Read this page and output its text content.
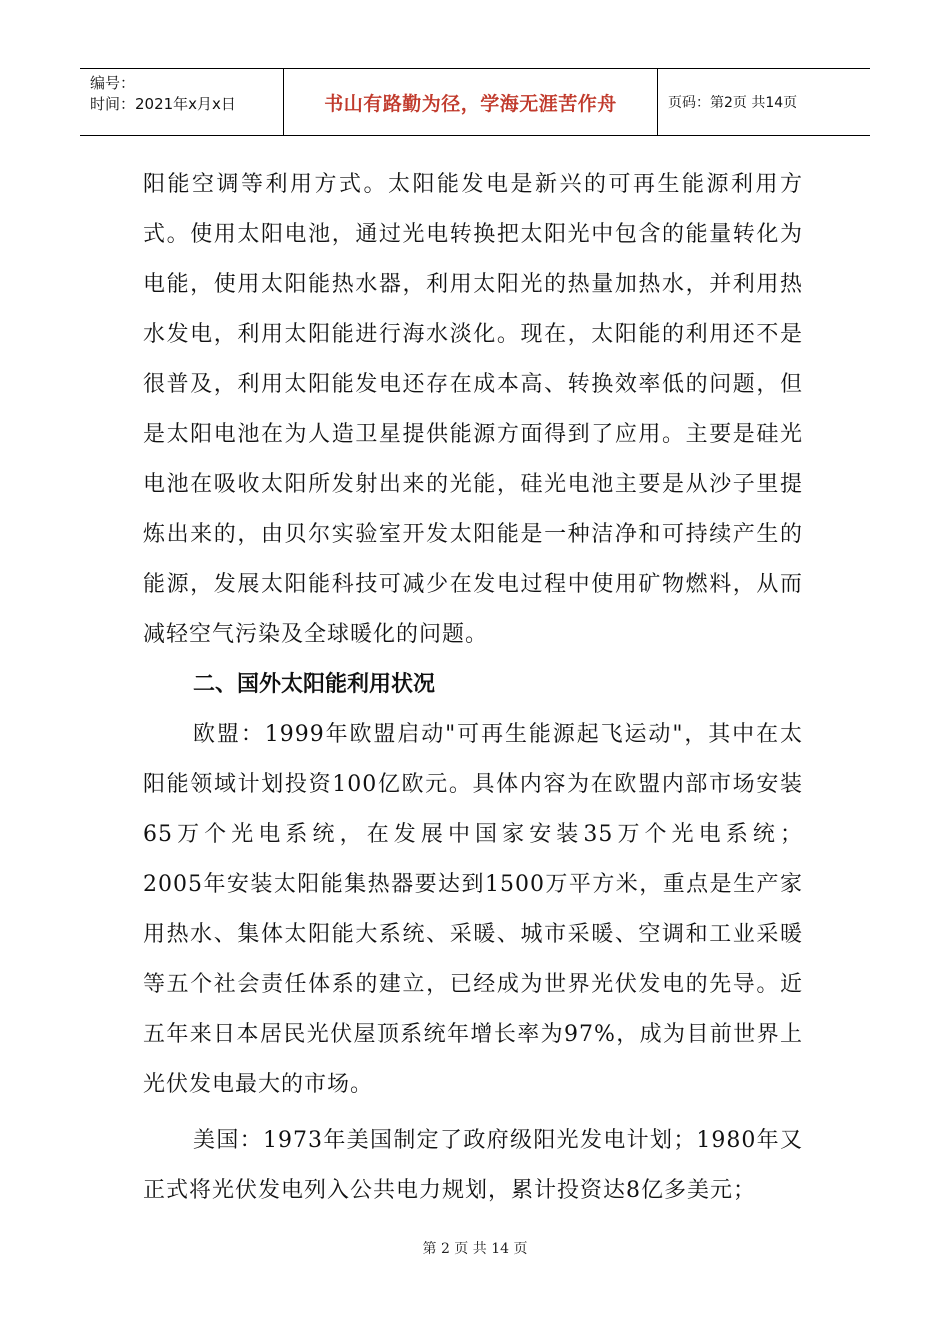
编号：
时间：2021年x月x日	书山有路勤为径，学海无涯苦作舟	页码：第2页 共14页

阳能空调等利用方式。太阳能发电是新兴的可再生能源利用方式。使用太阳电池，通过光电转换把太阳光中包含的能量转化为电能，使用太阳能热水器，利用太阳光的热量加热水，并利用热水发电，利用太阳能进行海水淡化。现在，太阳能的利用还不是很普及，利用太阳能发电还存在成本高、转换效率低的问题，但是太阳电池在为人造卫星提供能源方面得到了应用。主要是硅光电池在吸收太阳所发射出来的光能，硅光电池主要是从沙子里提炼出来的，由贝尔实验室开发太阳能是一种洁净和可持续产生的能源，发展太阳能科技可减少在发电过程中使用矿物燃料，从而减轻空气污染及全球暖化的问题。

二、国外太阳能利用状况

欧盟：1999年欧盟启动"可再生能源起飞运动"，其中在太阳能领域计划投资100亿欧元。具体内容为在欧盟内部市场安装65万个光电系统，在发展中国家安装35万个光电系统；

2005年安装太阳能集热器要达到1500万平方米，重点是生产家用热水、集体太阳能大系统、采暖、城市采暖、空调和工业采暖等五个社会责任体系的建立，已经成为世界光伏发电的先导。近五年来日本居民光伏屋顶系统年增长率为97%，成为目前世界上光伏发电最大的市场。

美国：1973年美国制定了政府级阳光发电计划；1980年又正式将光伏发电列入公共电力规划，累计投资达8亿多美元；

第 2 页 共 14 页
